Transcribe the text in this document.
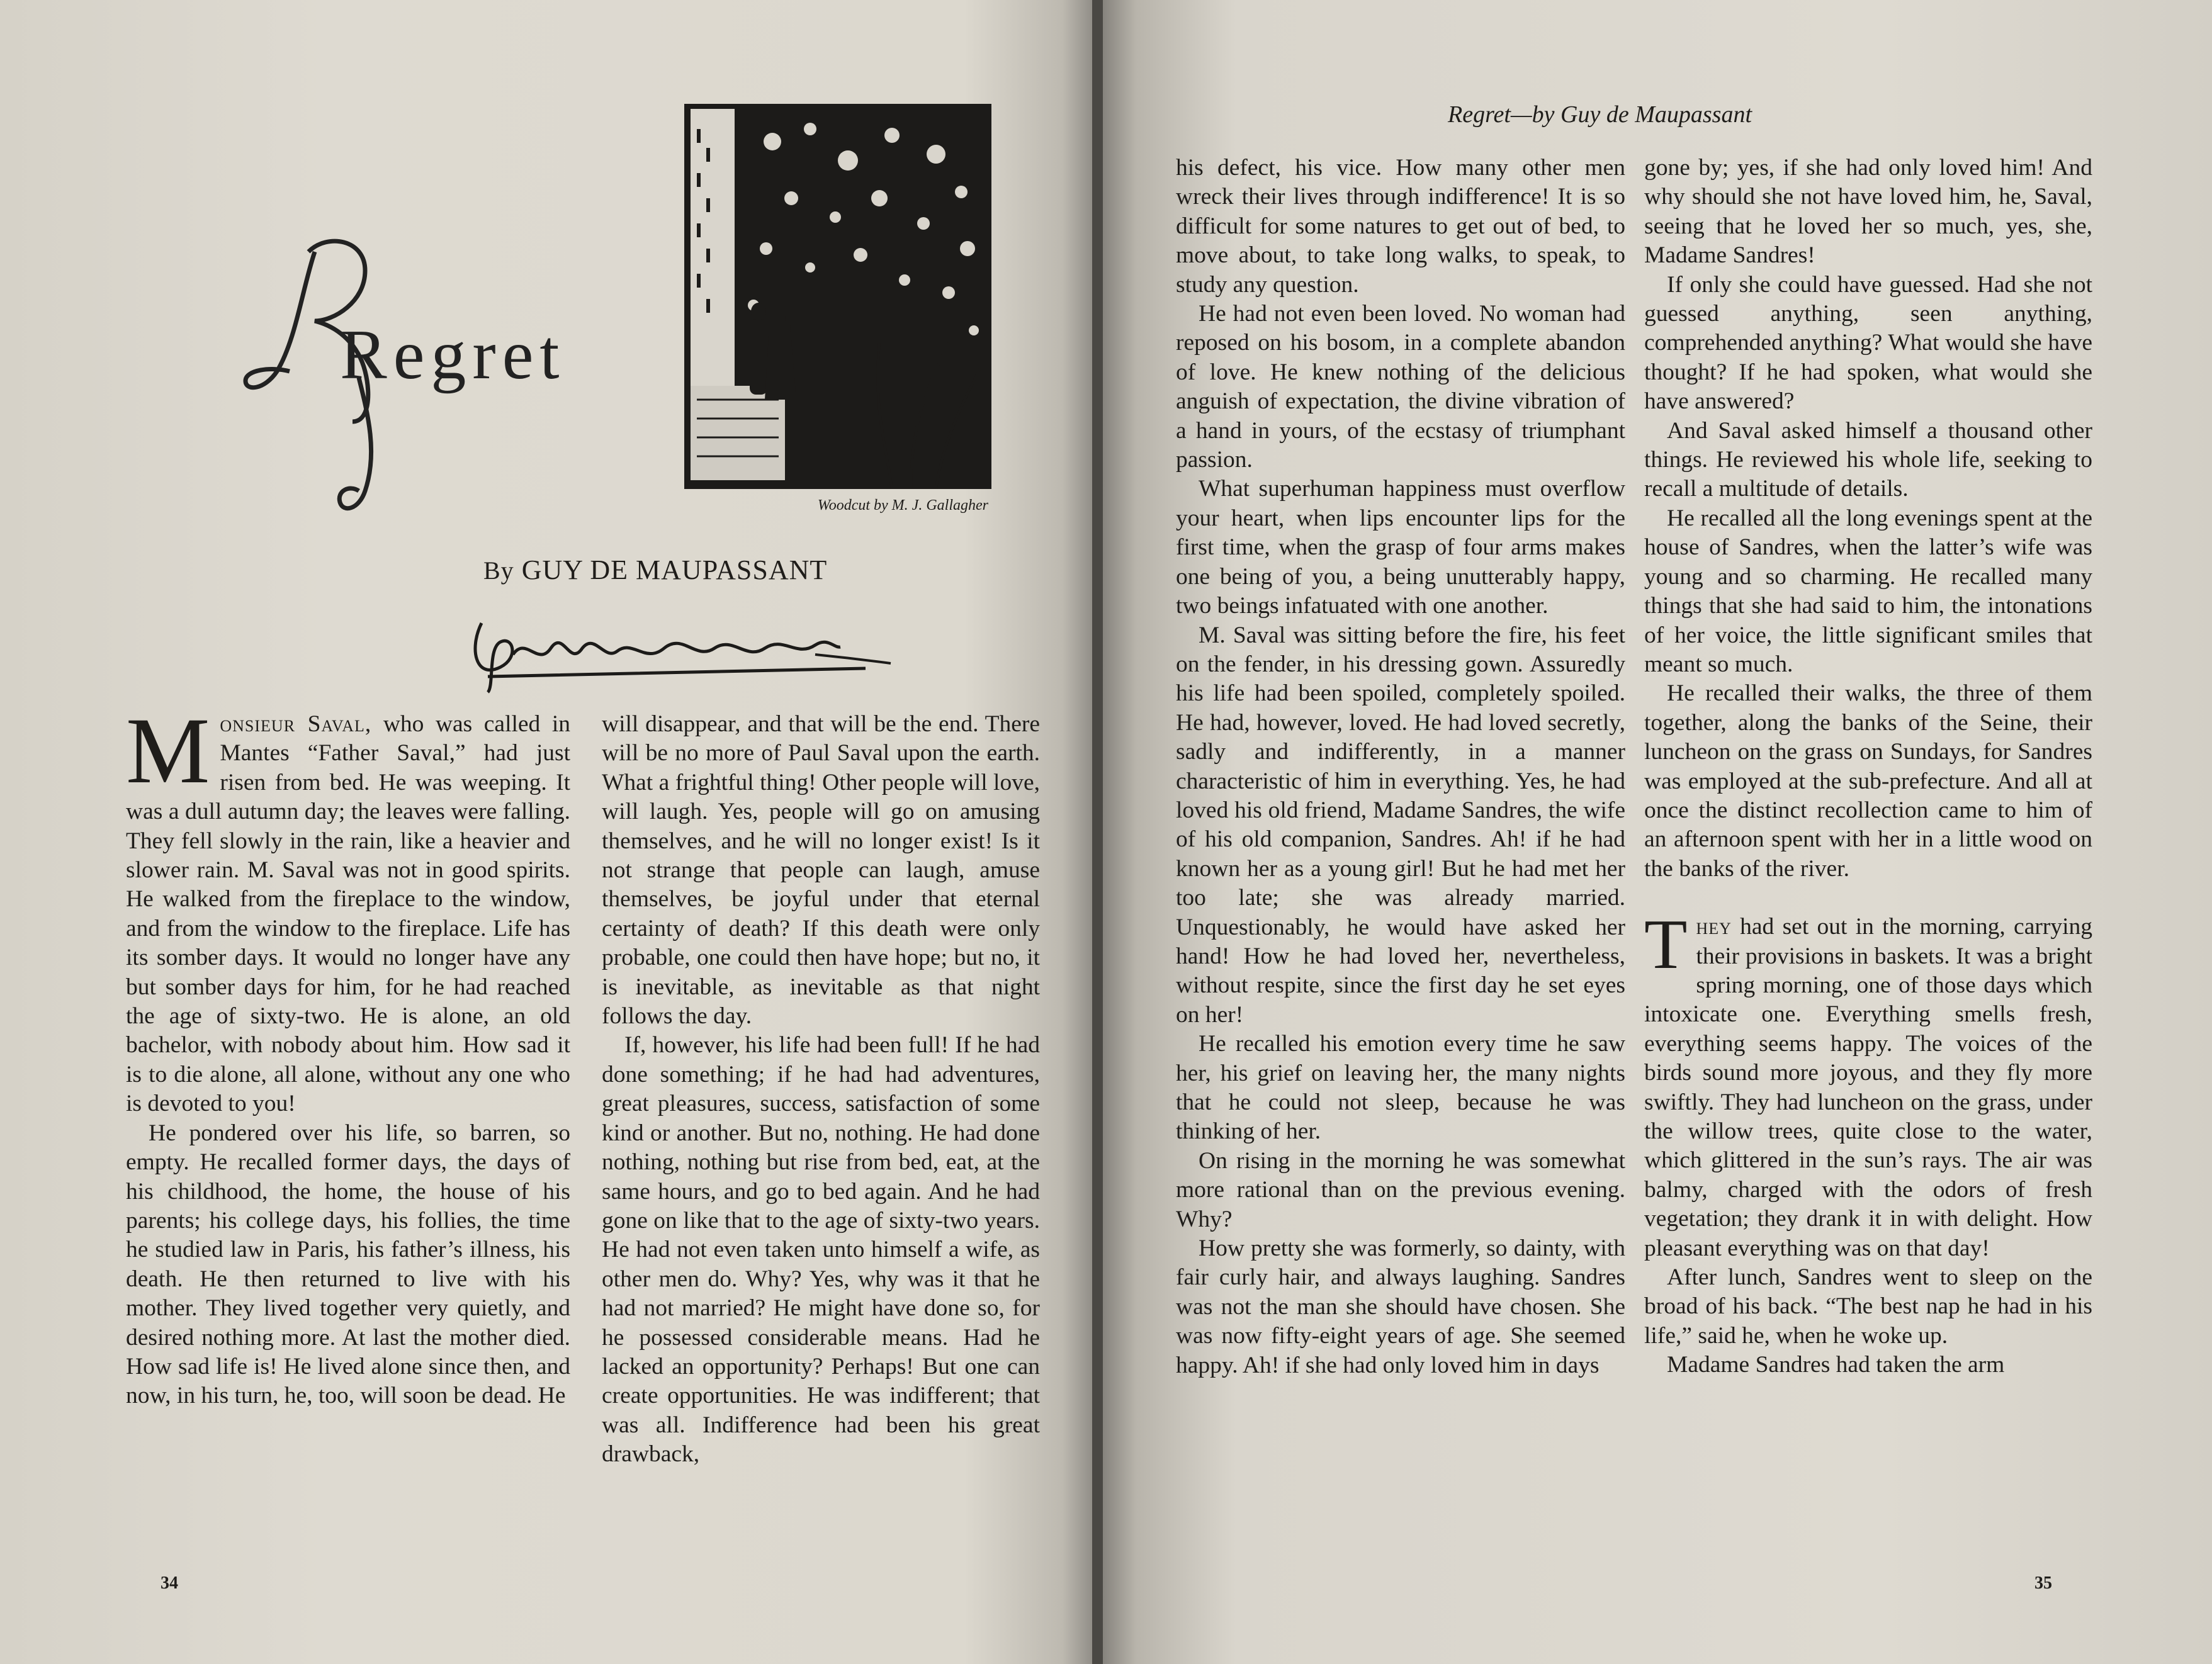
Regret
Woodcut by M. J. Gallagher
By GUY DE MAUPASSANT

Monsieur Saval, who was called in Mantes “Father Saval,” had just risen from bed. He was weeping. It was a dull autumn day; the leaves were falling. They fell slowly in the rain, like a heavier and slower rain. M. Saval was not in good spirits. He walked from the fireplace to the window, and from the window to the fireplace. Life has its somber days. It would no longer have any but somber days for him, for he had reached the age of sixty-two. He is alone, an old bachelor, with nobody about him. How sad it is to die alone, all alone, without any one who is devoted to you!

He pondered over his life, so barren, so empty. He recalled former days, the days of his childhood, the home, the house of his parents; his college days, his follies, the time he studied law in Paris, his father’s illness, his death. He then returned to live with his mother. They lived together very quietly, and desired nothing more. At last the mother died. How sad life is! He lived alone since then, and now, in his turn, he, too, will soon be dead. He

will disappear, and that will be the end. There will be no more of Paul Saval upon the earth. What a frightful thing! Other people will love, will laugh. Yes, people will go on amusing themselves, and he will no longer exist! Is it not strange that people can laugh, amuse themselves, be joyful under that eternal certainty of death? If this death were only probable, one could then have hope; but no, it is inevitable, as inevitable as that night follows the day.

If, however, his life had been full! If he had done something; if he had had adventures, great pleasures, success, satisfaction of some kind or another. But no, nothing. He had done nothing, nothing but rise from bed, eat, at the same hours, and go to bed again. And he had gone on like that to the age of sixty-two years. He had not even taken unto himself a wife, as other men do. Why? Yes, why was it that he had not married? He might have done so, for he possessed considerable means. Had he lacked an opportunity? Perhaps! But one can create opportunities. He was indifferent; that was all. Indifference had been his great drawback,

34
Regret—by Guy de Maupassant

his defect, his vice. How many other men wreck their lives through indifference! It is so difficult for some natures to get out of bed, to move about, to take long walks, to speak, to study any question.

He had not even been loved. No woman had reposed on his bosom, in a complete abandon of love. He knew nothing of the delicious anguish of expectation, the divine vibration of a hand in yours, of the ecstasy of triumphant passion.

What superhuman happiness must overflow your heart, when lips encounter lips for the first time, when the grasp of four arms makes one being of you, a being unutterably happy, two beings infatuated with one another.

M. Saval was sitting before the fire, his feet on the fender, in his dressing gown. Assuredly his life had been spoiled, completely spoiled. He had, however, loved. He had loved secretly, sadly and indifferently, in a manner characteristic of him in everything. Yes, he had loved his old friend, Madame Sandres, the wife of his old companion, Sandres. Ah! if he had known her as a young girl! But he had met her too late; she was already married. Unquestionably, he would have asked her hand! How he had loved her, nevertheless, without respite, since the first day he set eyes on her!

He recalled his emotion every time he saw her, his grief on leaving her, the many nights that he could not sleep, because he was thinking of her.

On rising in the morning he was somewhat more rational than on the previous evening. Why?

How pretty she was formerly, so dainty, with fair curly hair, and always laughing. Sandres was not the man she should have chosen. She was now fifty-eight years of age. She seemed happy. Ah! if she had only loved him in days

gone by; yes, if she had only loved him! And why should she not have loved him, he, Saval, seeing that he loved her so much, yes, she, Madame Sandres!

If only she could have guessed. Had she not guessed anything, seen anything, comprehended anything? What would she have thought? If he had spoken, what would she have answered?

And Saval asked himself a thousand other things. He reviewed his whole life, seeking to recall a multitude of details.

He recalled all the long evenings spent at the house of Sandres, when the latter’s wife was young and so charming. He recalled many things that she had said to him, the intonations of her voice, the little significant smiles that meant so much.

He recalled their walks, the three of them together, along the banks of the Seine, their luncheon on the grass on Sundays, for Sandres was employed at the sub-prefecture. And all at once the distinct recollection came to him of an afternoon spent with her in a little wood on the banks of the river.

They had set out in the morning, carrying their provisions in baskets. It was a bright spring morning, one of those days which intoxicate one. Everything smells fresh, everything seems happy. The voices of the birds sound more joyous, and they fly more swiftly. They had luncheon on the grass, under the willow trees, quite close to the water, which glittered in the sun’s rays. The air was balmy, charged with the odors of fresh vegetation; they drank it in with delight. How pleasant everything was on that day!

After lunch, Sandres went to sleep on the broad of his back. “The best nap he had in his life,” said he, when he woke up.

Madame Sandres had taken the arm

35
